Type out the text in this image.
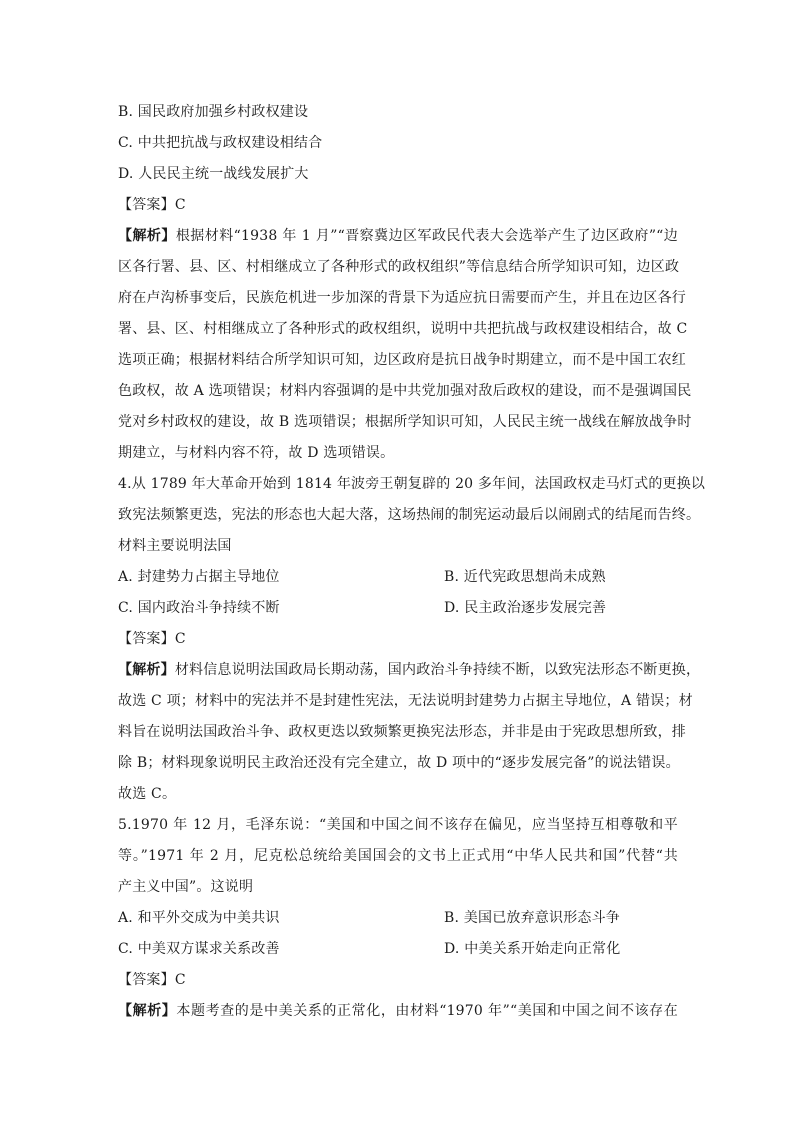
B. 国民政府加强乡村政权建设
C. 中共把抗战与政权建设相结合
D. 人民民主统一战线发展扩大
【答案】C
【解析】根据材料“1938 年 1 月”“晋察冀边区军政民代表大会选举产生了边区政府”“边
区各行署、县、区、村相继成立了各种形式的政权组织”等信息结合所学知识可知，边区政
府在卢沟桥事变后，民族危机进一步加深的背景下为适应抗日需要而产生，并且在边区各行
署、县、区、村相继成立了各种形式的政权组织，说明中共把抗战与政权建设相结合，故 C
选项正确；根据材料结合所学知识可知，边区政府是抗日战争时期建立，而不是中国工农红
色政权，故 A 选项错误；材料内容强调的是中共党加强对敌后政权的建设，而不是强调国民
党对乡村政权的建设，故 B 选项错误；根据所学知识可知，人民民主统一战线在解放战争时
期建立，与材料内容不符，故 D 选项错误。
4.从 1789 年大革命开始到 1814 年波旁王朝复辟的 20 多年间，法国政权走马灯式的更换以
致宪法频繁更迭，宪法的形态也大起大落，这场热闹的制宪运动最后以闹剧式的结尾而告终。
材料主要说明法国
A. 封建势力占据主导地位	B. 近代宪政思想尚未成熟
C. 国内政治斗争持续不断	D. 民主政治逐步发展完善
【答案】C
【解析】材料信息说明法国政局长期动荡，国内政治斗争持续不断，以致宪法形态不断更换，
故选 C 项；材料中的宪法并不是封建性宪法，无法说明封建势力占据主导地位，A 错误；材
料旨在说明法国政治斗争、政权更迭以致频繁更换宪法形态，并非是由于宪政思想所致，排
除 B；材料现象说明民主政治还没有完全建立，故 D 项中的“逐步发展完备”的说法错误。
故选 C。
5.1970 年 12 月，毛泽东说：“美国和中国之间不该存在偏见，应当坚持互相尊敬和平
等。”1971 年 2 月，尼克松总统给美国国会的文书上正式用“中华人民共和国”代替“共
产主义中国”。这说明
A. 和平外交成为中美共识	B. 美国已放弃意识形态斗争
C. 中美双方谋求关系改善	D. 中美关系开始走向正常化
【答案】C
【解析】本题考查的是中美关系的正常化，由材料“1970 年”“美国和中国之间不该存在
